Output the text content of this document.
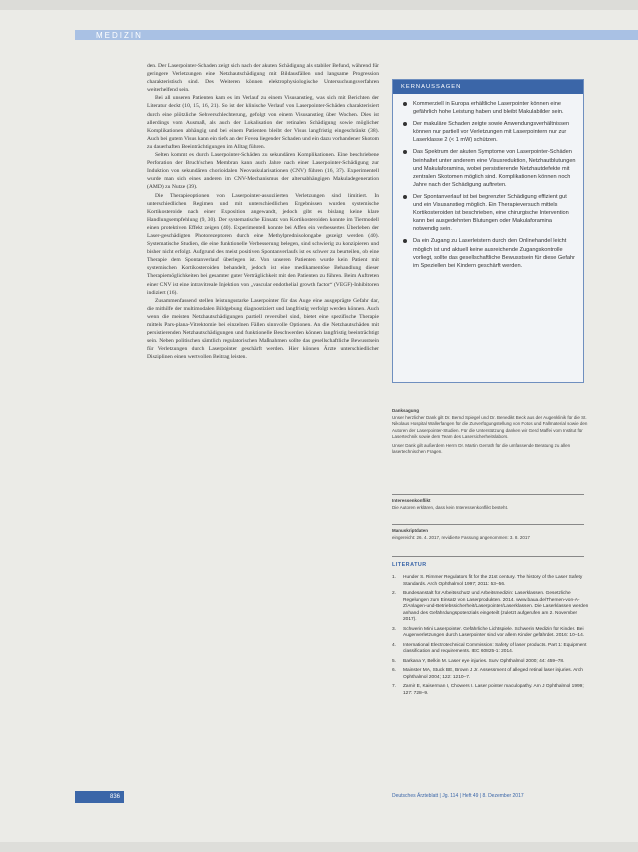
MEDIZIN

den. Der Laserpointer-Schaden zeigt sich nach der akuten Schädigung als stabiler Befund, während für geringere Verletzungen eine Netzhautschädigung mit Bildausfällen und langsame Progression charakteristisch sind. Des Weiteren können elektrophysiologische Untersuchungsverfahren weiterhelfend sein.

Bei all unseren Patienten kam es im Verlauf zu einem Visusanstieg, was sich mit Berichten der Literatur deckt (10, 15, 16, 21). So ist der klinische Verlauf von Laserpointer-Schäden charakterisiert durch eine plötzliche Sehverschlechterung, gefolgt von einem Visusanstieg über Wochen. Dies ist allerdings vom Ausmaß, als auch der Lokalisation der retinalen Schädigung sowie möglicher Komplikationen abhängig und bei einem Patienten bleibt der Visus langfristig eingeschränkt (38). Auch bei gutem Visus kann ein tiefs an der Fovea liegender Schaden und ein dazu vorhandener Skotom zu dauerhaften Beeinträchtigungen im Alltag führen.

Selten kommt es durch Laserpointer-Schäden zu sekundären Komplikationen. Eine beschriebene Perforation der Bruch'schen Membran kann auch Jahre nach einer Laserpointer-Schädigung zur Induktion von sekundären chorioidalen Neovaskularisationen (CNV) führen (16, 37). Experimentell wurde man sich eines anderen im CNV-Mechanismus der altersabhängigen Makuladegeneration (AMD) zu Nutze (39).

Die Therapieoptionen von Laserpointer-assoziierten Verletzungen sind limitiert. In unterschiedlichen Regimen und mit unterschiedlichen Ergebnissen wurden systemische Kortikosteroide nach einer Exposition angewandt, jedoch gibt es bislang keine klare Handlungsempfehlung (9, 30). Der systematische Einsatz von Kortikosteroiden konnte im Tiermodell einen protektiven Effekt zeigen (40). Experimentell konnte bei Affen ein verbessertes Überleben der Laser-geschädigten Photorezeptoren durch eine Methylprednisolongabe gezeigt werden (40). Systematische Studien, die eine funktionelle Verbesserung belegen, sind schwierig zu konzipieren und bisher nicht erfolgt. Aufgrund des meist positiven Spontanverlaufs ist es schwer zu beurteilen, ob eine Therapie dem Spontanverlauf überlegen ist. Von unseren Patienten wurde kein Patient mit systemischen Kortikosteroiden behandelt, jedoch ist eine medikamentöse Behandlung dieser Therapiemöglichkeiten bei gesamter guter Verträglichkeit mit den Patienten zu führen. Beim Auftreten einer CNV ist eine intravitreale Injektion von „vascular endothelial growth factor“ (VEGF)-Inhibitoren indiziert (16).

Zusammenfassend stellen leistungsstarke Laserpointer für das Auge eine ausgeprägte Gefahr dar, die mithilfe der multimodalen Bildgebung diagnostiziert und langfristig verfolgt werden können. Auch wenn die meisten Netzhautschädigungen partiell reversibel sind, bietet eine spezifische Therapie mittels Pars-plana-Vitrektomie bei einzelnen Fällen sinnvolle Optionen. An die Netzhautschäden mit persistierenden Netzhautschädigungen und funktionelle Beschwerden können langfristig beeinträchtigt sein. Neben politischen sämtlich regulatorischen Maßnahmen sollte das gesellschaftliche Bewusstsein für Verletzungen durch Laserpointer geschärft werden. Hier können Ärzte unterschiedlicher Disziplinen einen wertvollen Beitrag leisten.

KERNAUSSAGEN
Kommerziell in Europa erhältliche Laserpointer können eine gefährlich hohe Leistung haben und bleibt Makulabilder sein.
Der makuläre Schaden zeigte sowie Anwendungsverhältnissen können nur partiell vor Verletzungen mit Laserpointern nur zur Laserklasse 2 (< 1 mW) schützen.
Das Spektrum der akuten Symptome von Laserpointer-Schäden beinhaltet unter anderem eine Visusreduktion, Netzhautblutungen und Makulaforamina, wobei persistierende Netzhautdefekte mit zentralen Skotomen möglich sind. Komplikationen können noch Jahre nach der Schädigung auftreten.
Der Spontanverlauf ist bei begrenzter Schädigung effizient gut und ein Visusanstieg möglich. Ein Therapieversuch mittels Kortikosteroiden ist beschrieben, eine chirurgische Intervention kann bei ausgedehnten Blutungen oder Makulaforamina notwendig sein.
Da ein Zugang zu Laserleistern durch den Onlinehandel leicht möglich ist und aktuell keine ausreichende Zugangskontrolle vorliegt, sollte das gesellschaftliche Bewusstsein für diese Gefahr im Speziellen bei Kindern geschärft werden.
Danksagung
Unser herzlicher Dank gilt Dr. Bernd Spiegel und Dr. Benedikt Beck aus der Augenklinik für die St. Nikolaus Hospital Wallerfangen für die Zurverfügungstellung von Fotos und Fallmaterial sowie den Autoren der Laserpointer-Studien. Für die Unterstützung danken wir Gerd Maffei vom Institut für Lasertechnik sowie dem Team des Lasersicherheitslabors.
Unser Dank gilt außerdem Herrn Dr. Martin Gerrath für die umfassende Beratung zu allen lasertechnischen Fragen.
Interessenkonflikt
Die Autoren erklären, dass kein Interessenkonflikt besteht.
Manuskriptdaten
eingereicht: 26. 4. 2017, revidierte Fassung angenommen: 3. 8. 2017
LITERATUR
1. Hunder S. Rimmer Regulators fit for the 21st century. The history of the Laser Safety Standards. Arch Ophthalmol 1997; 2011: 53–56.
2. Bundesanstalt für Arbeitsschutz und Arbeitsmedizin: Laserklassen. Gesetzliche Regelungen zum Einsatz von Laserprodukten. 2014. www.baua.de/Themen-von-A-Z/Anlagen-und-Betriebssicherheit/Laserpointer/Laserklassen. Die Laserklassen werden anhand des Gefährdungspotenzials eingeteilt (zuletzt aufgerufen am 2. November 2017).
3. Schwerin Mini Laserpointer. Gefährliche Lichtspiele. Schwerin Medizin für Kinder. Bei Augenverletzungen durch Laserpointer sind vor allem Kinder gefährdet. 2016: 10–14.
4. International Electrotechnical Commission: Safety of laser products. Part 1: Equipment classification and requirements. IEC 60825-1: 2014.
5. Barkana Y, Belkin M. Laser eye injuries. Surv Ophthalmol 2000; 44: 459–78.
6. Mainster MA, Stuck BE, Brown J Jr. Assessment of alleged retinal laser injuries. Arch Ophthalmol 2004; 122: 1210–7.
7. Zamir E, Kaiserman I, Chowers I. Laser pointer maculopathy. Am J Ophthalmol 1999; 127: 728–9.
836	Deutsches Ärzteblatt | Jg. 114 | Heft 49 | 8. Dezember 2017
